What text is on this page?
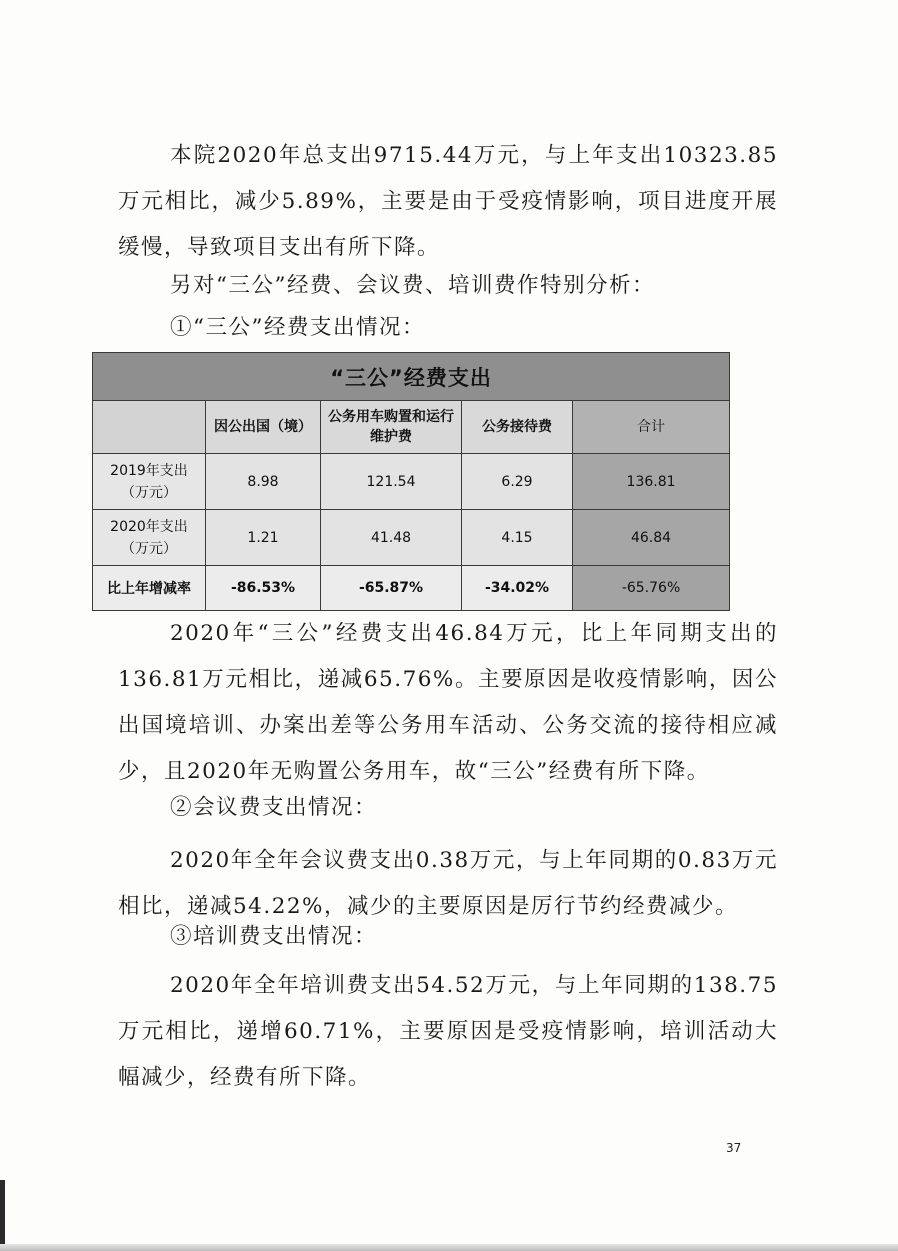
本院2020年总支出9715.44万元，与上年支出10323.85万元相比，减少5.89%，主要是由于受疫情影响，项目进度开展缓慢，导致项目支出有所下降。

另对“三公”经费、会议费、培训费作特别分析：

①“三公”经费支出情况：

“三公”经费支出				
	因公出国（境）	公务用车购置和运行维护费	公务接待费	合计
2019年支出（万元）	8.98	121.54	6.29	136.81
2020年支出（万元）	1.21	41.48	4.15	46.84
比上年增减率	-86.53%	-65.87%	-34.02%	-65.76%

2020年“三公”经费支出46.84万元，比上年同期支出的136.81万元相比，递减65.76%。主要原因是收疫情影响，因公出国境培训、办案出差等公务用车活动、公务交流的接待相应减少，且2020年无购置公务用车，故“三公”经费有所下降。

②会议费支出情况：

2020年全年会议费支出0.38万元，与上年同期的0.83万元相比，递减54.22%，减少的主要原因是厉行节约经费减少。

③培训费支出情况：

2020年全年培训费支出54.52万元，与上年同期的138.75万元相比，递增60.71%，主要原因是受疫情影响，培训活动大幅减少，经费有所下降。

37
